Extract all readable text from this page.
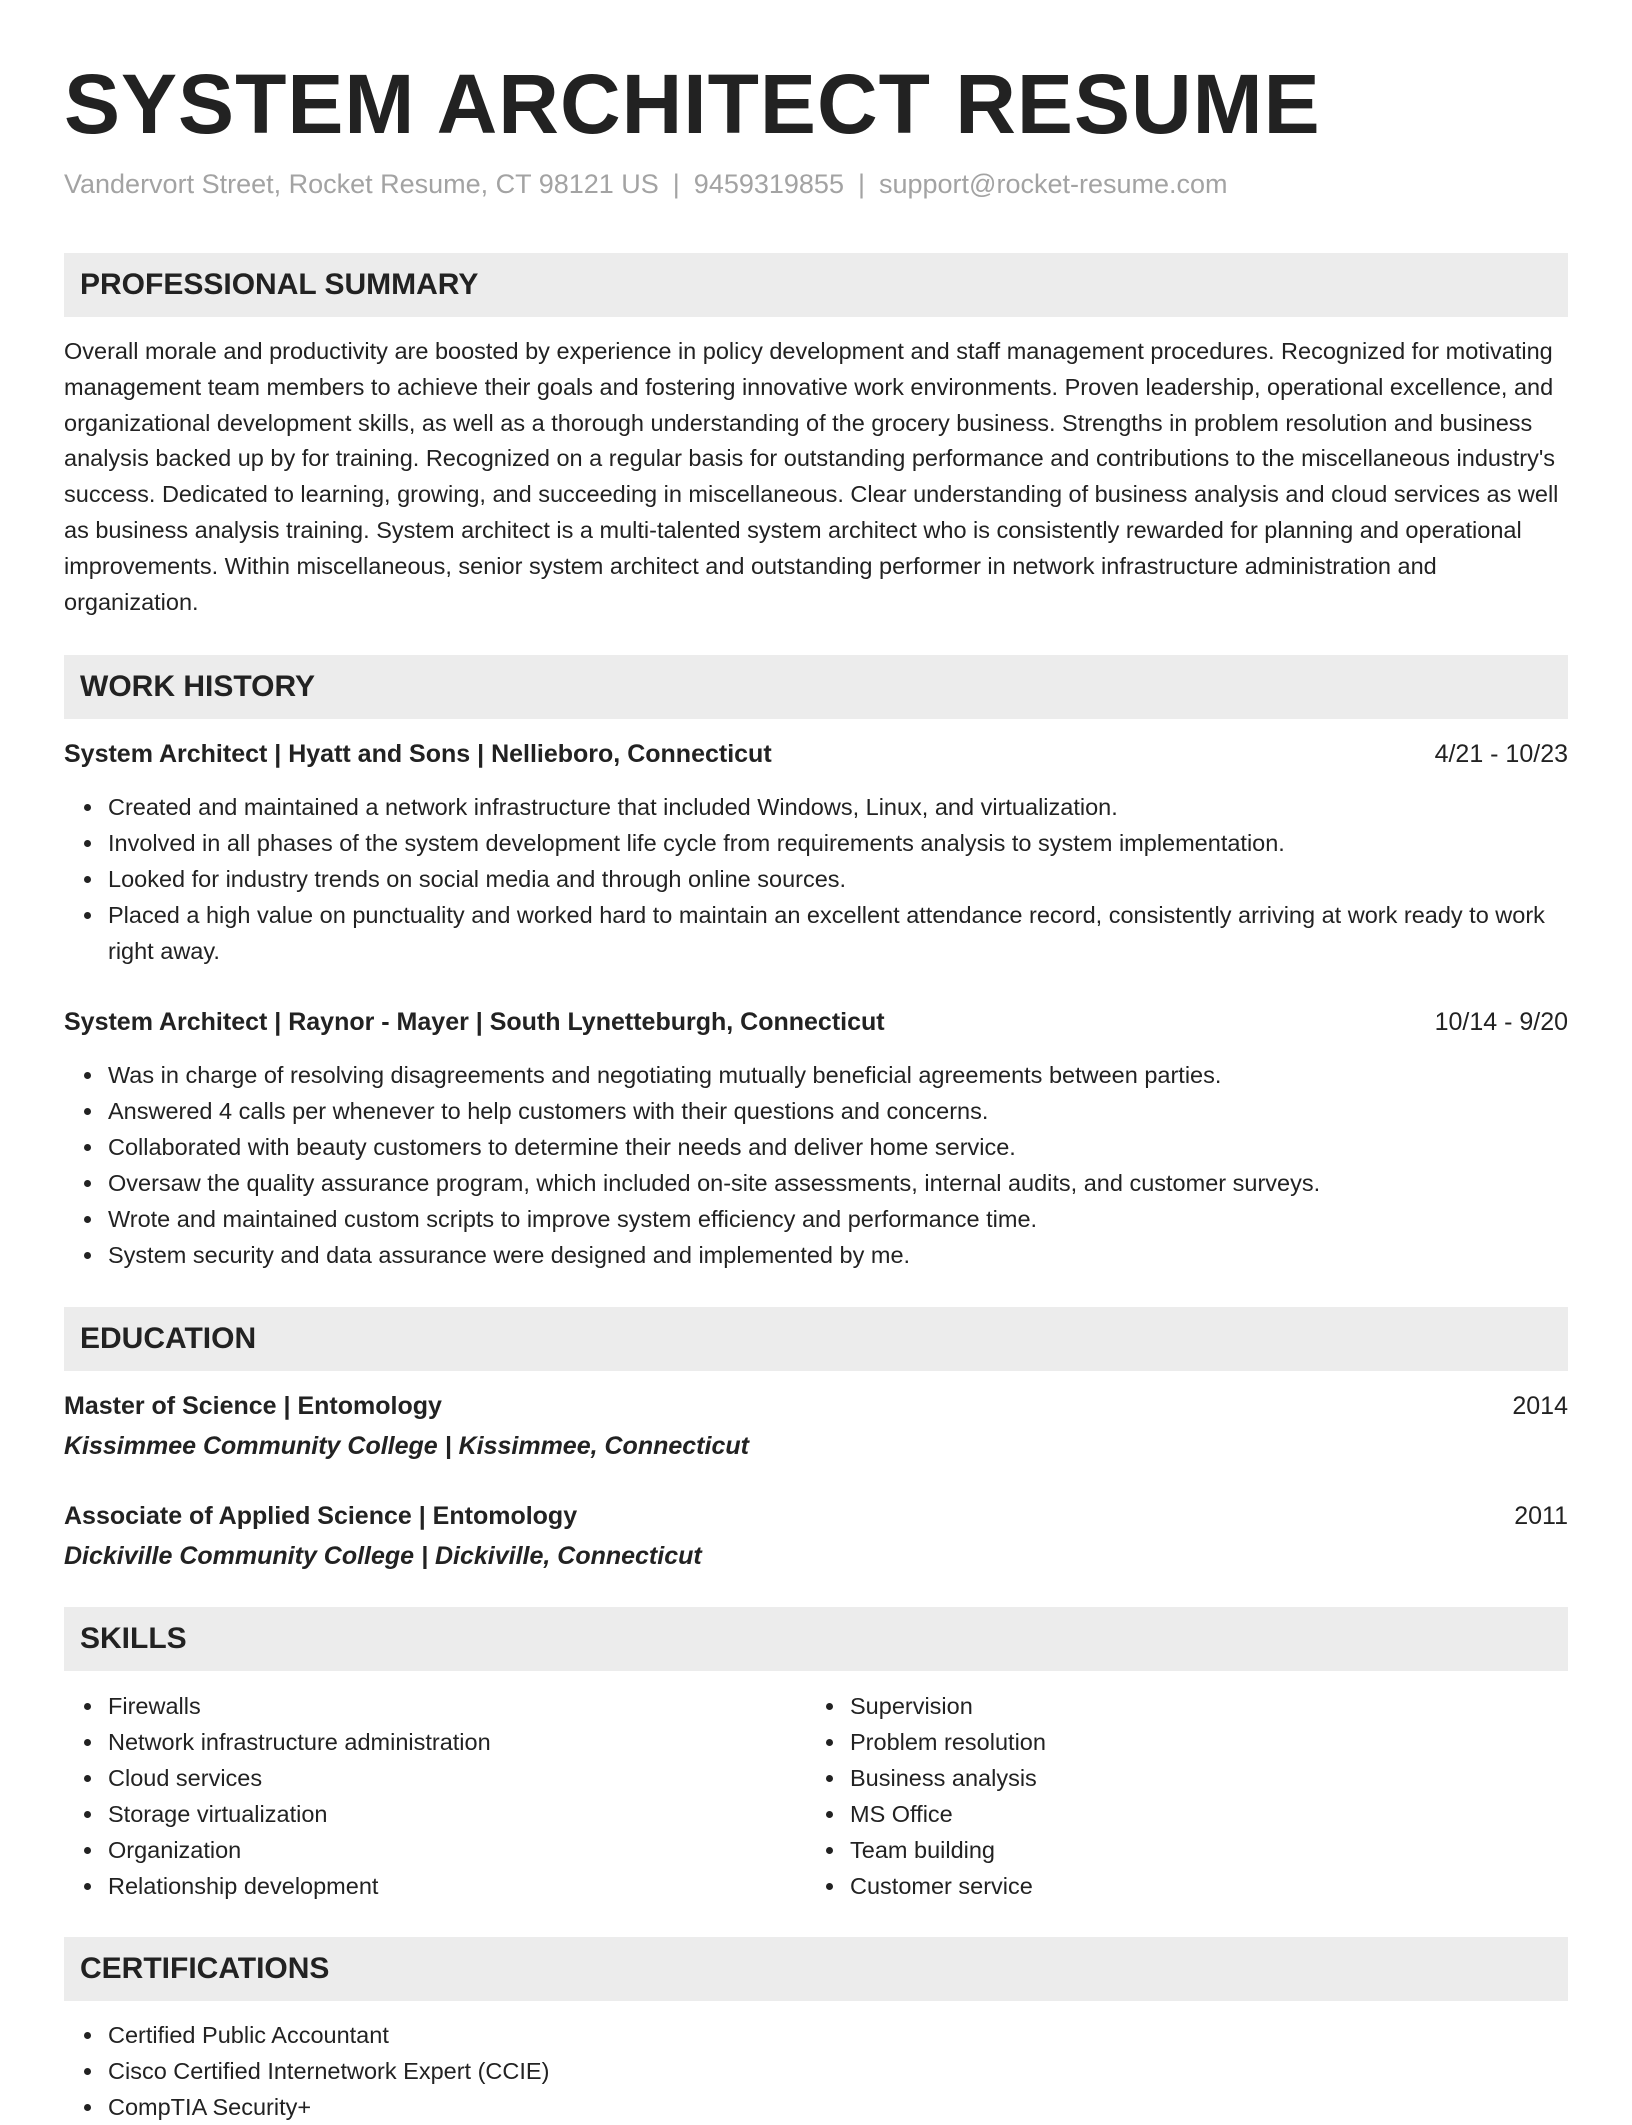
SYSTEM ARCHITECT RESUME
Vandervort Street, Rocket Resume, CT 98121 US | 9459319855 | support@rocket-resume.com
PROFESSIONAL SUMMARY

Overall morale and productivity are boosted by experience in policy development and staff management procedures. Recognized for motivating management team members to achieve their goals and fostering innovative work environments. Proven leadership, operational excellence, and organizational development skills, as well as a thorough understanding of the grocery business. Strengths in problem resolution and business analysis backed up by for training. Recognized on a regular basis for outstanding performance and contributions to the miscellaneous industry's success. Dedicated to learning, growing, and succeeding in miscellaneous. Clear understanding of business analysis and cloud services as well as business analysis training. System architect is a multi-talented system architect who is consistently rewarded for planning and operational improvements. Within miscellaneous, senior system architect and outstanding performer in network infrastructure administration and organization.

WORK HISTORY
System Architect | Hyatt and Sons | Nellieboro, Connecticut	4/21 - 10/23
Created and maintained a network infrastructure that included Windows, Linux, and virtualization.
Involved in all phases of the system development life cycle from requirements analysis to system implementation.
Looked for industry trends on social media and through online sources.
Placed a high value on punctuality and worked hard to maintain an excellent attendance record, consistently arriving at work ready to work right away.
System Architect | Raynor - Mayer | South Lynetteburgh, Connecticut	10/14 - 9/20
Was in charge of resolving disagreements and negotiating mutually beneficial agreements between parties.
Answered 4 calls per whenever to help customers with their questions and concerns.
Collaborated with beauty customers to determine their needs and deliver home service.
Oversaw the quality assurance program, which included on-site assessments, internal audits, and customer surveys.
Wrote and maintained custom scripts to improve system efficiency and performance time.
System security and data assurance were designed and implemented by me.
EDUCATION
Master of Science | Entomology	2014
Kissimmee Community College | Kissimmee, Connecticut
Associate of Applied Science | Entomology	2011
Dickiville Community College | Dickiville, Connecticut
SKILLS
Firewalls
Network infrastructure administration
Cloud services
Storage virtualization
Organization
Relationship development
Supervision
Problem resolution
Business analysis
MS Office
Team building
Customer service
CERTIFICATIONS
Certified Public Accountant
Cisco Certified Internetwork Expert (CCIE)
CompTIA Security+
